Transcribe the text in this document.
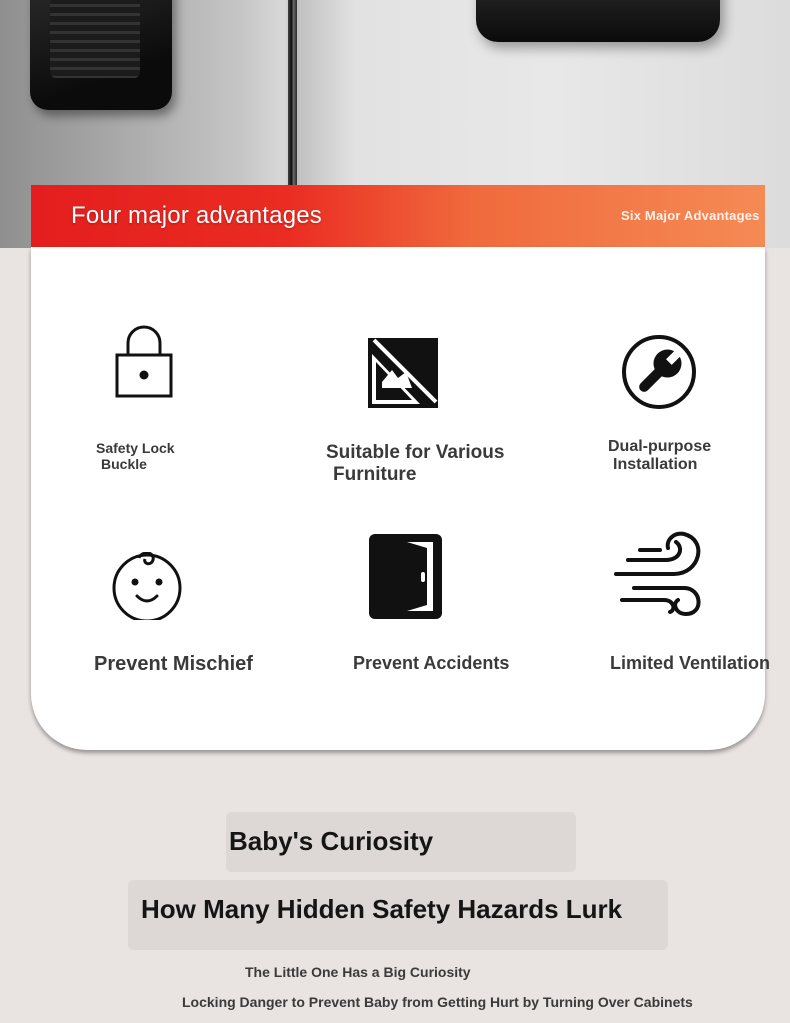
Four major advantages	Six Major Advantages
Safety Lock
Buckle
Suitable for Various
Furniture
Dual-purpose
Installation
Prevent Mischief	Prevent Accidents	Limited Ventilation
Baby's Curiosity
How Many Hidden Safety Hazards Lurk
The Little One Has a Big Curiosity
Locking Danger to Prevent Baby from Getting Hurt by Turning Over Cabinets
